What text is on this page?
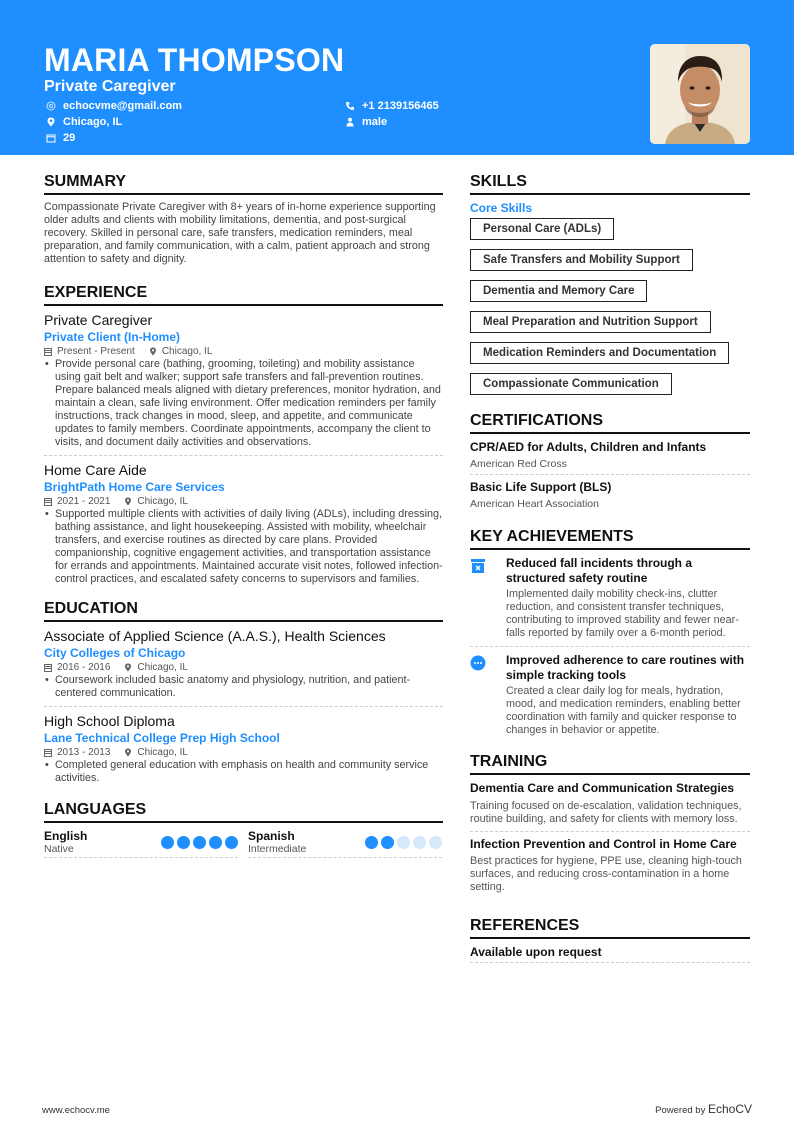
MARIA THOMPSON
Private Caregiver
echocvme@gmail.com
Chicago, IL
29
+1 2139156465
male
SUMMARY

Compassionate Private Caregiver with 8+ years of in-home experience supporting older adults and clients with mobility limitations, dementia, and post-surgical recovery. Skilled in personal care, safe transfers, medication reminders, meal preparation, and family communication, with a calm, patient approach and strong attention to safety and dignity.

EXPERIENCE
Private Caregiver
Private Client (In-Home)
Present - Present	Chicago, IL
• Provide personal care (bathing, grooming, toileting) and mobility assistance using gait belt and walker; support safe transfers and fall-prevention routines. Prepare balanced meals aligned with dietary preferences, monitor hydration, and maintain a clean, safe living environment. Offer medication reminders per family instructions, track changes in mood, sleep, and appetite, and communicate updates to family members. Coordinate appointments, accompany the client to visits, and document daily activities and observations.
Home Care Aide
BrightPath Home Care Services
2021 - 2021	Chicago, IL
• Supported multiple clients with activities of daily living (ADLs), including dressing, bathing assistance, and light housekeeping. Assisted with mobility, wheelchair transfers, and exercise routines as directed by care plans. Provided companionship, cognitive engagement activities, and transportation assistance for errands and appointments. Maintained accurate visit notes, followed infection-control practices, and escalated safety concerns to supervisors and families.
EDUCATION
Associate of Applied Science (A.A.S.), Health Sciences
City Colleges of Chicago
2016 - 2016	Chicago, IL
• Coursework included basic anatomy and physiology, nutrition, and patient-centered communication.
High School Diploma
Lane Technical College Prep High School
2013 - 2013	Chicago, IL
• Completed general education with emphasis on health and community service activities.
LANGUAGES
English
Native
Spanish
Intermediate
SKILLS
Core Skills
Personal Care (ADLs)
Safe Transfers and Mobility Support
Dementia and Memory Care
Meal Preparation and Nutrition Support
Medication Reminders and Documentation
Compassionate Communication
CERTIFICATIONS
CPR/AED for Adults, Children and Infants
American Red Cross
Basic Life Support (BLS)
American Heart Association
KEY ACHIEVEMENTS
Reduced fall incidents through a structured safety routine
Implemented daily mobility check-ins, clutter reduction, and consistent transfer techniques, contributing to improved stability and fewer near-falls reported by family over a 6-month period.
Improved adherence to care routines with simple tracking tools
Created a clear daily log for meals, hydration, mood, and medication reminders, enabling better coordination with family and quicker response to changes in behavior or appetite.
TRAINING
Dementia Care and Communication Strategies
Training focused on de-escalation, validation techniques, routine building, and safety for clients with memory loss.
Infection Prevention and Control in Home Care
Best practices for hygiene, PPE use, cleaning high-touch surfaces, and reducing cross-contamination in a home setting.
REFERENCES
Available upon request
www.echocv.me	Powered by EchoCV
